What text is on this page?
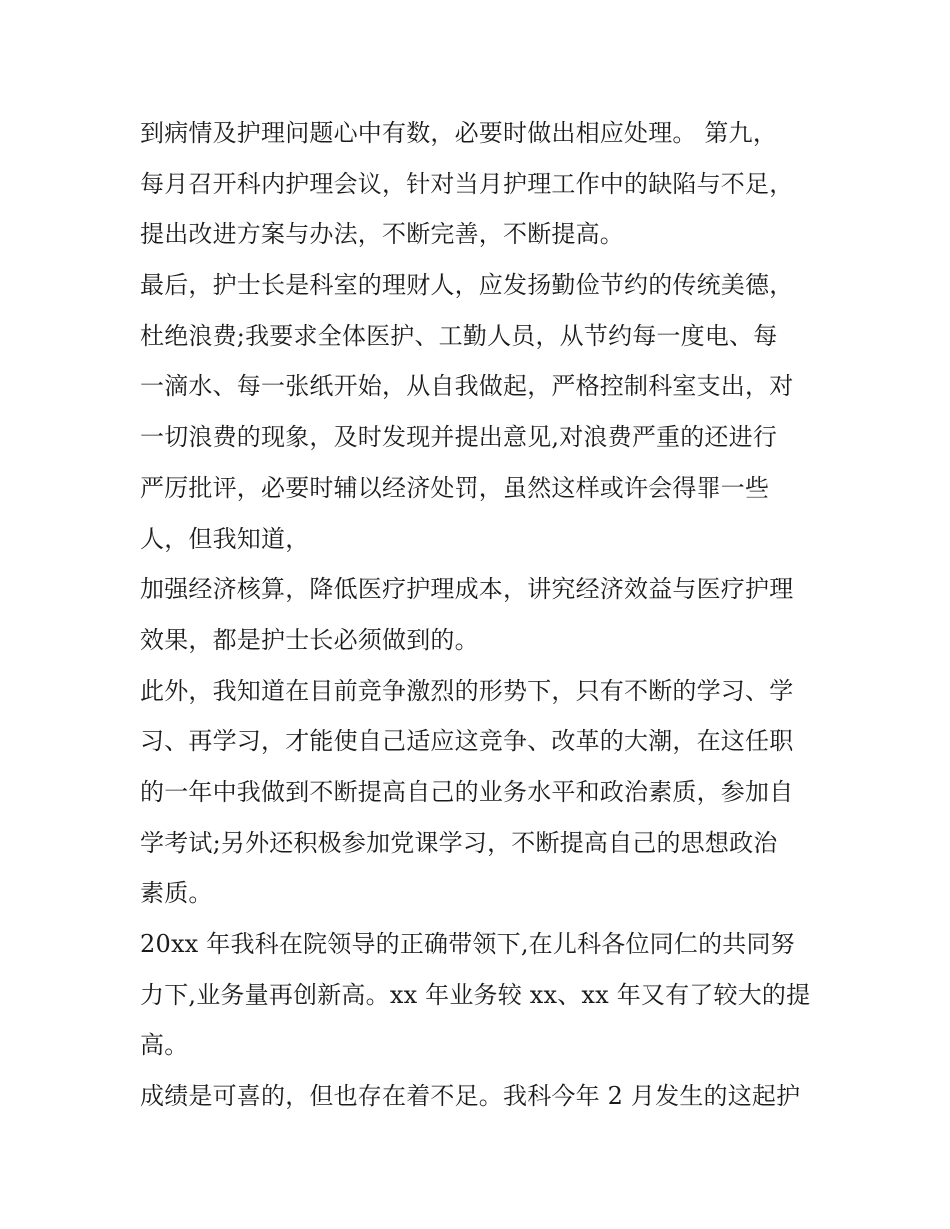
到病情及护理问题心中有数，必要时做出相应处理。 第九，
每月召开科内护理会议，针对当月护理工作中的缺陷与不足，
提出改进方案与办法，不断完善，不断提高。
最后，护士长是科室的理财人，应发扬勤俭节约的传统美德，
杜绝浪费;我要求全体医护、工勤人员，从节约每一度电、每
一滴水、每一张纸开始，从自我做起，严格控制科室支出，对
一切浪费的现象，及时发现并提出意见,对浪费严重的还进行
严厉批评，必要时辅以经济处罚，虽然这样或许会得罪一些
人，但我知道，
加强经济核算，降低医疗护理成本，讲究经济效益与医疗护理
效果，都是护士长必须做到的。
此外，我知道在目前竞争激烈的形势下，只有不断的学习、学
习、再学习，才能使自己适应这竞争、改革的大潮，在这任职
的一年中我做到不断提高自己的业务水平和政治素质，参加自
学考试;另外还积极参加党课学习，不断提高自己的思想政治
素质。
20xx 年我科在院领导的正确带领下,在儿科各位同仁的共同努
力下,业务量再创新高。xx 年业务较 xx、xx 年又有了较大的提
高。
成绩是可喜的，但也存在着不足。我科今年 2 月发生的这起护
